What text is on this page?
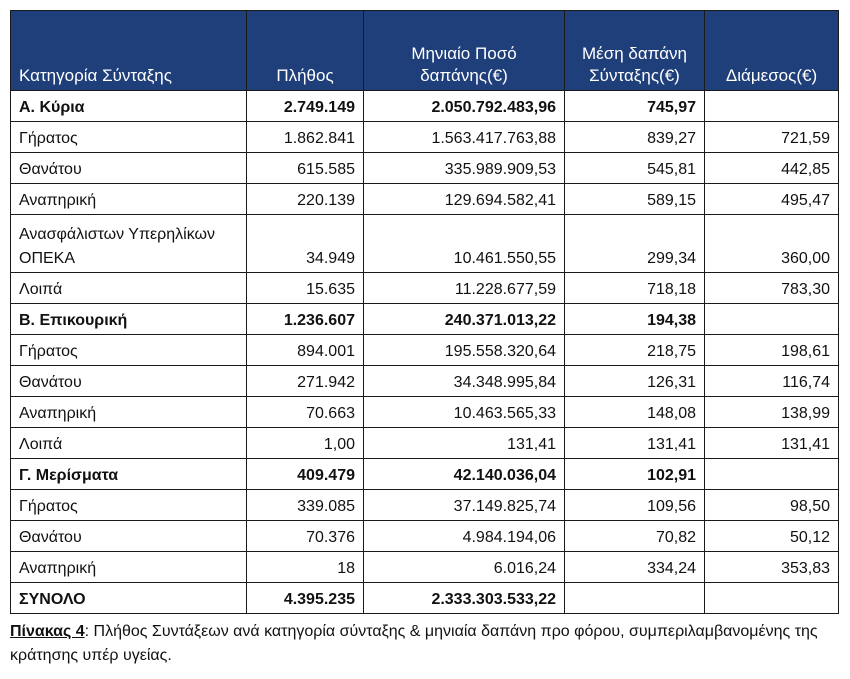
Κατηγορία Σύνταξης	Πλήθος	Μηνιαίο Ποσό δαπάνης(€)	Μέση δαπάνη Σύνταξης(€)	Διάμεσος(€)
Α. Κύρια	2.749.149	2.050.792.483,96	745,97	
Γήρατος	1.862.841	1.563.417.763,88	839,27	721,59
Θανάτου	615.585	335.989.909,53	545,81	442,85
Αναπηρική	220.139	129.694.582,41	589,15	495,47
Ανασφάλιστων Υπερηλίκων ΟΠΕΚΑ	34.949	10.461.550,55	299,34	360,00
Λοιπά	15.635	11.228.677,59	718,18	783,30
Β. Επικουρική	1.236.607	240.371.013,22	194,38	
Γήρατος	894.001	195.558.320,64	218,75	198,61
Θανάτου	271.942	34.348.995,84	126,31	116,74
Αναπηρική	70.663	10.463.565,33	148,08	138,99
Λοιπά	1,00	131,41	131,41	131,41
Γ. Μερίσματα	409.479	42.140.036,04	102,91	
Γήρατος	339.085	37.149.825,74	109,56	98,50
Θανάτου	70.376	4.984.194,06	70,82	50,12
Αναπηρική	18	6.016,24	334,24	353,83
ΣΥΝΟΛΟ	4.395.235	2.333.303.533,22		
Πίνακας 4: Πλήθος Συντάξεων ανά κατηγορία σύνταξης & μηνιαία δαπάνη προ φόρου, συμπεριλαμβανομένης της κράτησης υπέρ υγείας.
